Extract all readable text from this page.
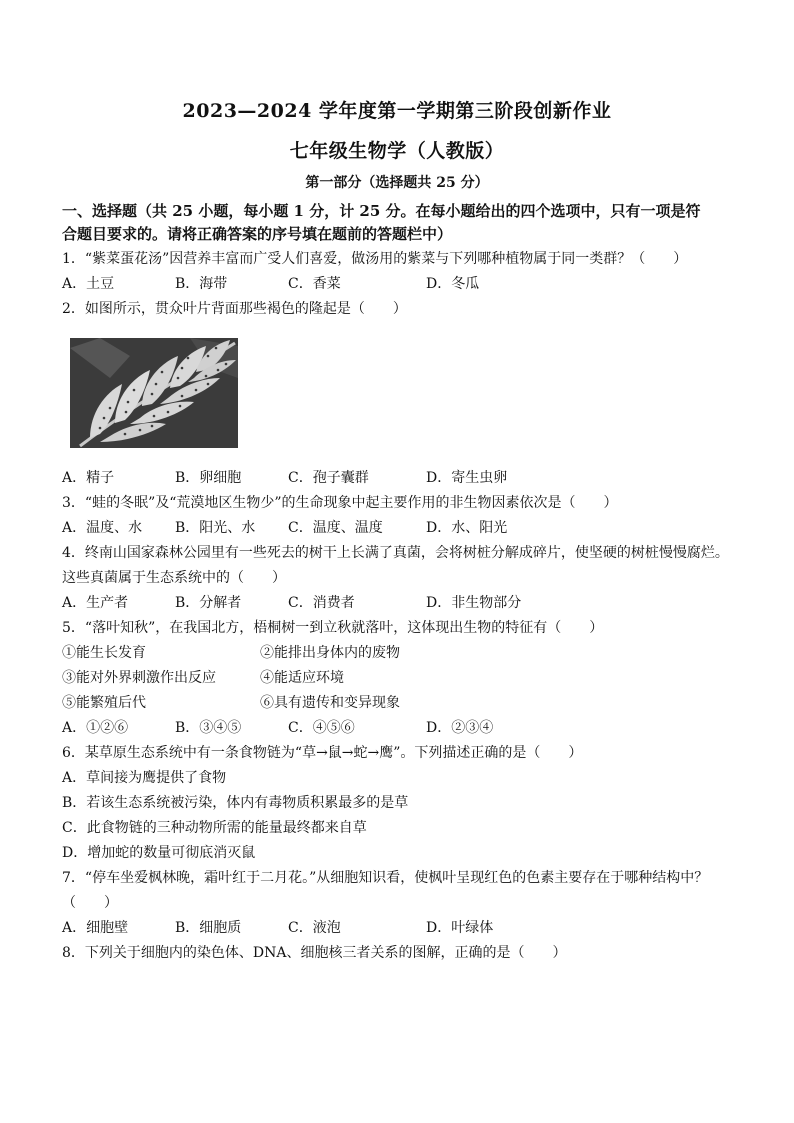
2023—2024 学年度第一学期第三阶段创新作业
七年级生物学（人教版）
第一部分（选择题共 25 分）
一、选择题（共 25 小题，每小题 1 分，计 25 分。在每小题给出的四个选项中，只有一项是符
合题目要求的。请将正确答案的序号填在题前的答题栏中）
1．“紫菜蛋花汤”因营养丰富而广受人们喜爱，做汤用的紫菜与下列哪种植物属于同一类群？（　　）
A．土豆	B．海带	C．香菜	D．冬瓜
2．如图所示，贯众叶片背面那些褐色的隆起是（　　）
A．精子	B．卵细胞	C．孢子囊群	D．寄生虫卵
3．“蛙的冬眠”及“荒漠地区生物少”的生命现象中起主要作用的非生物因素依次是（　　）
A．温度、水 B．阳光、水 C．温度、温度	D．水、阳光
4．终南山国家森林公园里有一些死去的树干上长满了真菌，会将树桩分解成碎片，使坚硬的树桩慢慢腐烂。
这些真菌属于生态系统中的（　　）
A．生产者	B．分解者	C．消费者	D．非生物部分
5．“落叶知秋”，在我国北方，梧桐树一到立秋就落叶，这体现出生物的特征有（　　）
①能生长发育	②能排出身体内的废物
③能对外界刺激作出反应	④能适应环境
⑤能繁殖后代	⑥具有遗传和变异现象
A．①②⑥	B．③④⑤	C．④⑤⑥	D．②③④
6．某草原生态系统中有一条食物链为“草→鼠→蛇→鹰”。下列描述正确的是（　　）
A．草间接为鹰提供了食物
B．若该生态系统被污染，体内有毒物质积累最多的是草
C．此食物链的三种动物所需的能量最终都来自草
D．增加蛇的数量可彻底消灭鼠
7．“停车坐爱枫林晚，霜叶红于二月花。”从细胞知识看，使枫叶呈现红色的色素主要存在于哪种结构中？
（　　）
A．细胞壁	B．细胞质	C．液泡	D．叶绿体
8．下列关于细胞内的染色体、DNA、细胞核三者关系的图解，正确的是（　　）
